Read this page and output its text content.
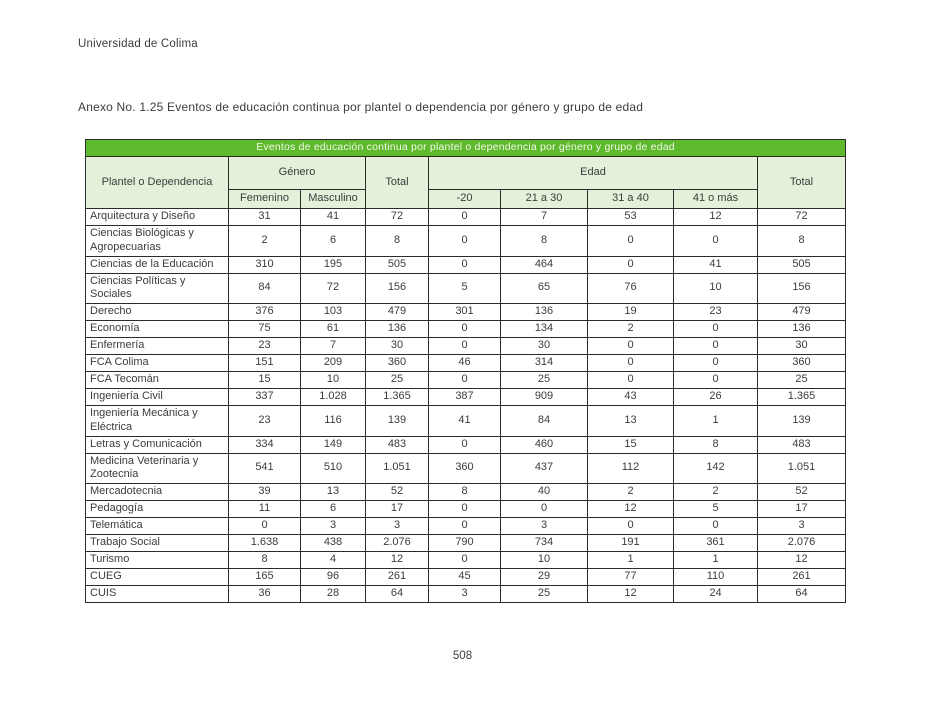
Universidad de Colima
Anexo No. 1.25 Eventos de educación continua por plantel o dependencia por género y grupo de edad
Eventos de educación continua por plantel o dependencia por género y grupo de edad								
Plantel o Dependencia	Género		Total	Edad				Total
	Femenino	Masculino		-20	21 a 30	31 a 40	41 o más	
Arquitectura y Diseño	31	41	72	0	7	53	12	72
Ciencias Biológicas y Agropecuarias	2	6	8	0	8	0	0	8
Ciencias de la Educación	310	195	505	0	464	0	41	505
Ciencias Políticas y Sociales	84	72	156	5	65	76	10	156
Derecho	376	103	479	301	136	19	23	479
Economía	75	61	136	0	134	2	0	136
Enfermería	23	7	30	0	30	0	0	30
FCA Colima	151	209	360	46	314	0	0	360
FCA Tecomán	15	10	25	0	25	0	0	25
Ingeniería Civil	337	1.028	1.365	387	909	43	26	1.365
Ingeniería Mecánica y Eléctrica	23	116	139	41	84	13	1	139
Letras y Comunicación	334	149	483	0	460	15	8	483
Medicina Veterinaria y Zootecnia	541	510	1.051	360	437	112	142	1.051
Mercadotecnia	39	13	52	8	40	2	2	52
Pedagogía	11	6	17	0	0	12	5	17
Telemática	0	3	3	0	3	0	0	3
Trabajo Social	1.638	438	2.076	790	734	191	361	2.076
Turismo	8	4	12	0	10	1	1	12
CUEG	165	96	261	45	29	77	110	261
CUIS	36	28	64	3	25	12	24	64
508
